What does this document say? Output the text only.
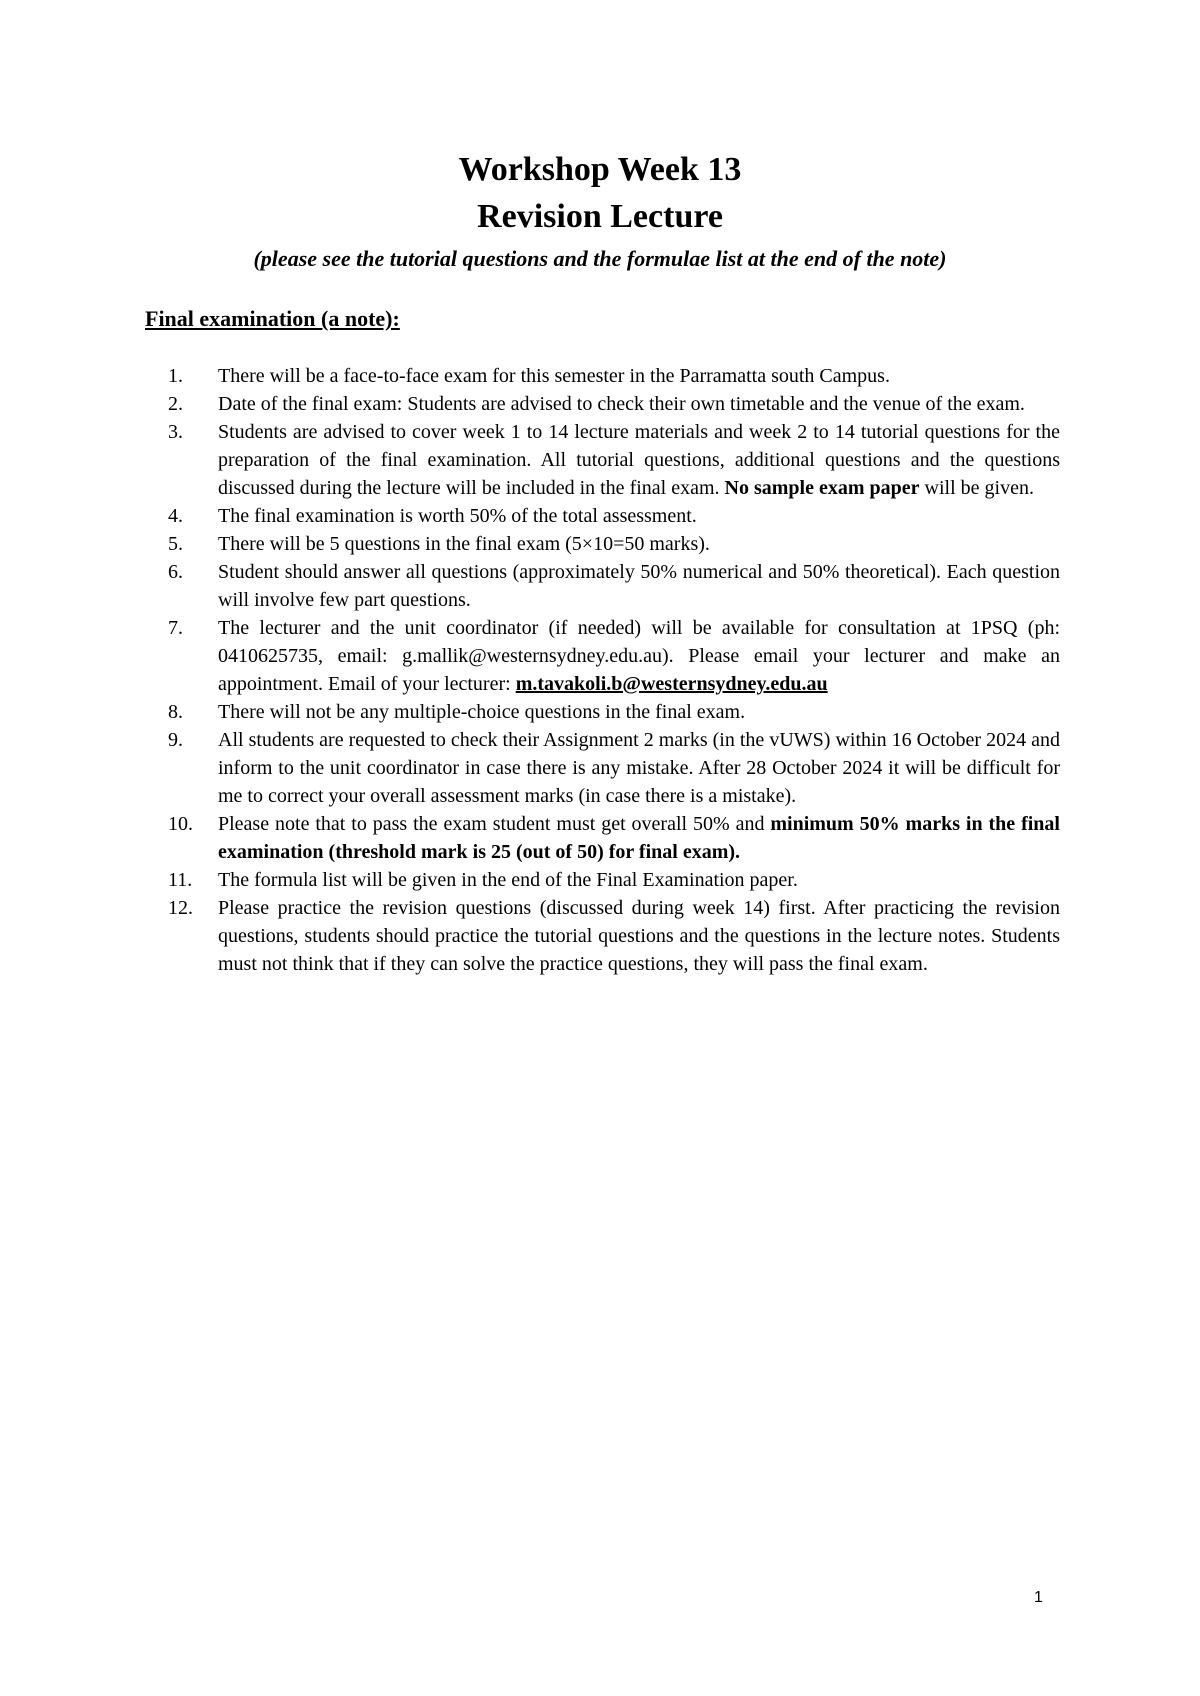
Workshop Week 13
Revision Lecture
(please see the tutorial questions and the formulae list at the end of the note)
Final examination (a note):
1.	There will be a face-to-face exam for this semester in the Parramatta south Campus.
2.	Date of the final exam: Students are advised to check their own timetable and the venue of the exam.
3.	Students are advised to cover week 1 to 14 lecture materials and week 2 to 14 tutorial questions for the preparation of the final examination. All tutorial questions, additional questions and the questions discussed during the lecture will be included in the final exam. No sample exam paper will be given.
4.	The final examination is worth 50% of the total assessment.
5.	There will be 5 questions in the final exam (5×10=50 marks).
6.	Student should answer all questions (approximately 50% numerical and 50% theoretical). Each question will involve few part questions.
7.	The lecturer and the unit coordinator (if needed) will be available for consultation at 1PSQ (ph: 0410625735, email: g.mallik@westernsydney.edu.au). Please email your lecturer and make an appointment. Email of your lecturer: m.tavakoli.b@westernsydney.edu.au
8.	There will not be any multiple-choice questions in the final exam.
9.	All students are requested to check their Assignment 2 marks (in the vUWS) within 16 October 2024 and inform to the unit coordinator in case there is any mistake. After 28 October 2024 it will be difficult for me to correct your overall assessment marks (in case there is a mistake).
10.	Please note that to pass the exam student must get overall 50% and minimum 50% marks in the final examination (threshold mark is 25 (out of 50) for final exam).
11.	The formula list will be given in the end of the Final Examination paper.
12.	Please practice the revision questions (discussed during week 14) first. After practicing the revision questions, students should practice the tutorial questions and the questions in the lecture notes. Students must not think that if they can solve the practice questions, they will pass the final exam.
1
